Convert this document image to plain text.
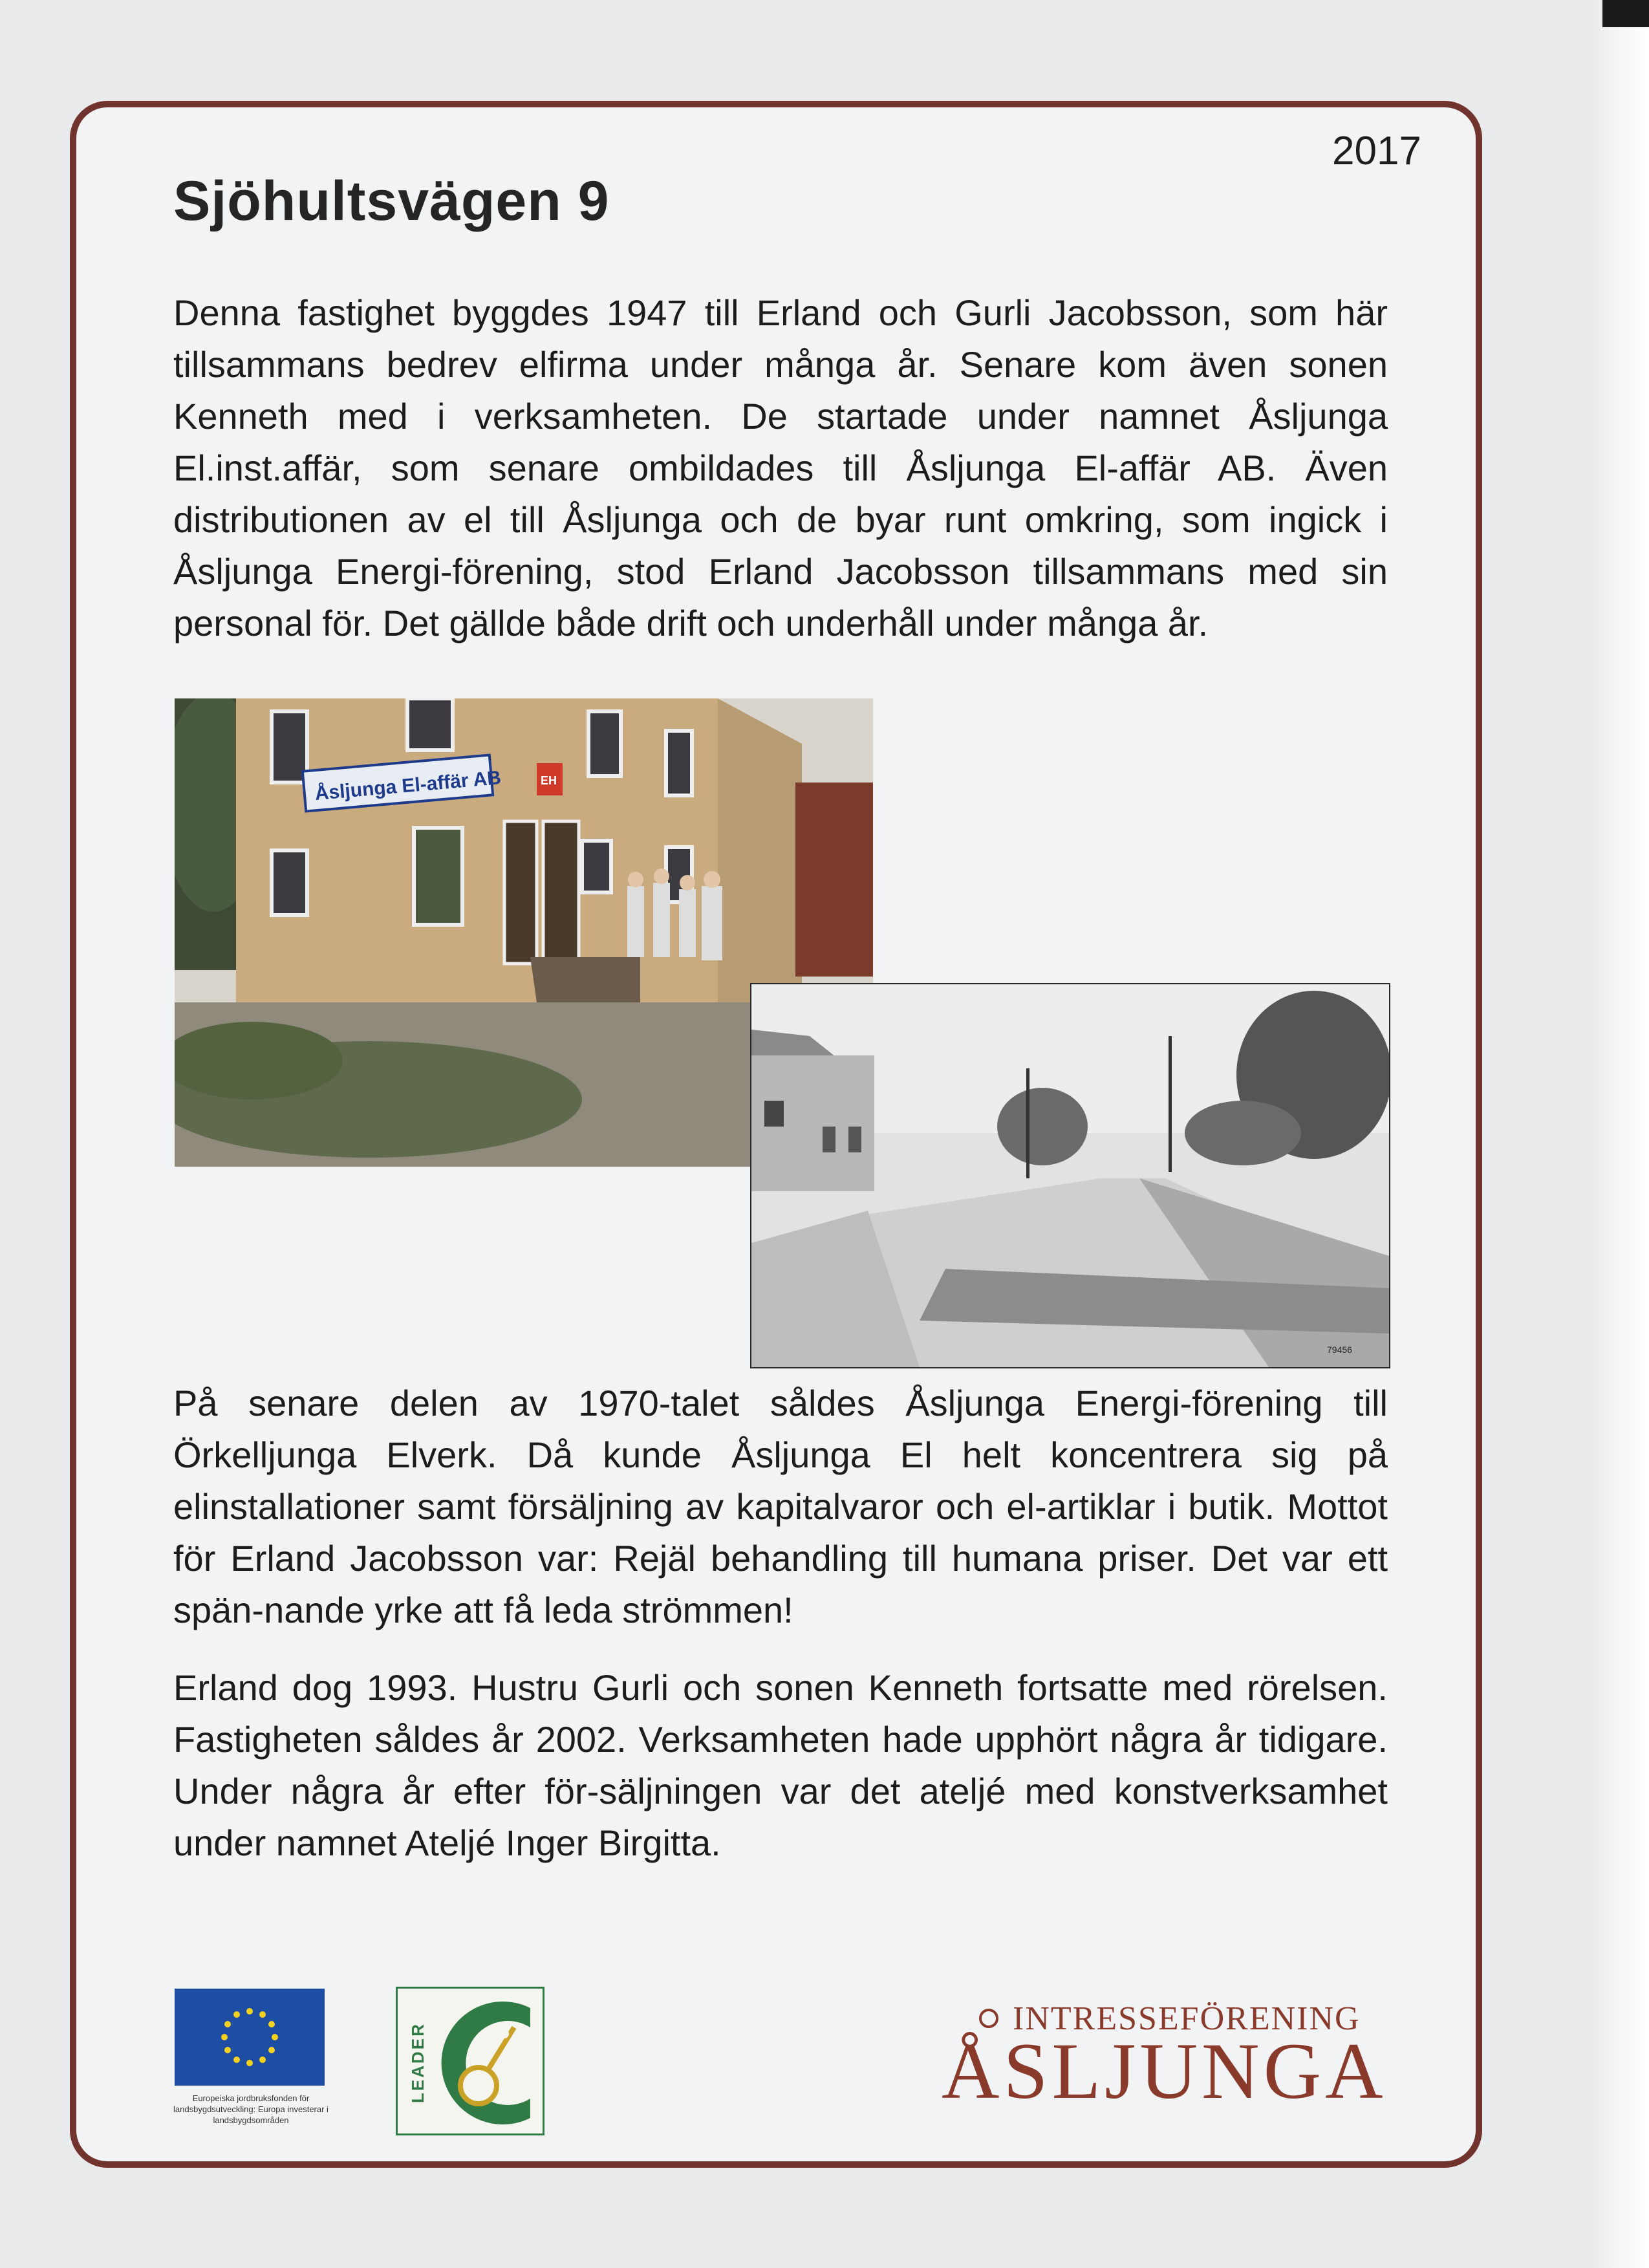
2017
Sjöhultsvägen 9

Denna fastighet byggdes 1947 till Erland och Gurli Jacobsson, som här tillsammans bedrev elfirma under många år. Senare kom även sonen Kenneth med i verksamheten. De startade under namnet Åsljunga El.inst.affär, som senare ombildades till Åsljunga El-affär AB. Även distributionen av el till Åsljunga och de byar runt omkring, som ingick i Åsljunga Energi-förening, stod Erland Jacobsson tillsammans med sin personal för. Det gällde både drift och underhåll under många år.

Åsljunga El-affär AB	EH
79456

På senare delen av 1970-talet såldes Åsljunga Energi-förening till Örkelljunga Elverk. Då kunde Åsljunga El helt koncentrera sig på elinstallationer samt försäljning av kapitalvaror och el-artiklar i butik. Mottot för Erland Jacobsson var: Rejäl behandling till humana priser. Det var ett spän-nande yrke att få leda strömmen!

Erland dog 1993. Hustru Gurli och sonen Kenneth fortsatte med rörelsen. Fastigheten såldes år 2002. Verksamheten hade upphört några år tidigare. Under några år efter för-säljningen var det ateljé med konstverksamhet under namnet Ateljé Inger Birgitta.

Europeiska jordbruksfonden för landsbygdsutveckling: Europa investerar i landsbygdsområden
LEADER
INTRESSEFÖRENING
ÅSLJUNGA
